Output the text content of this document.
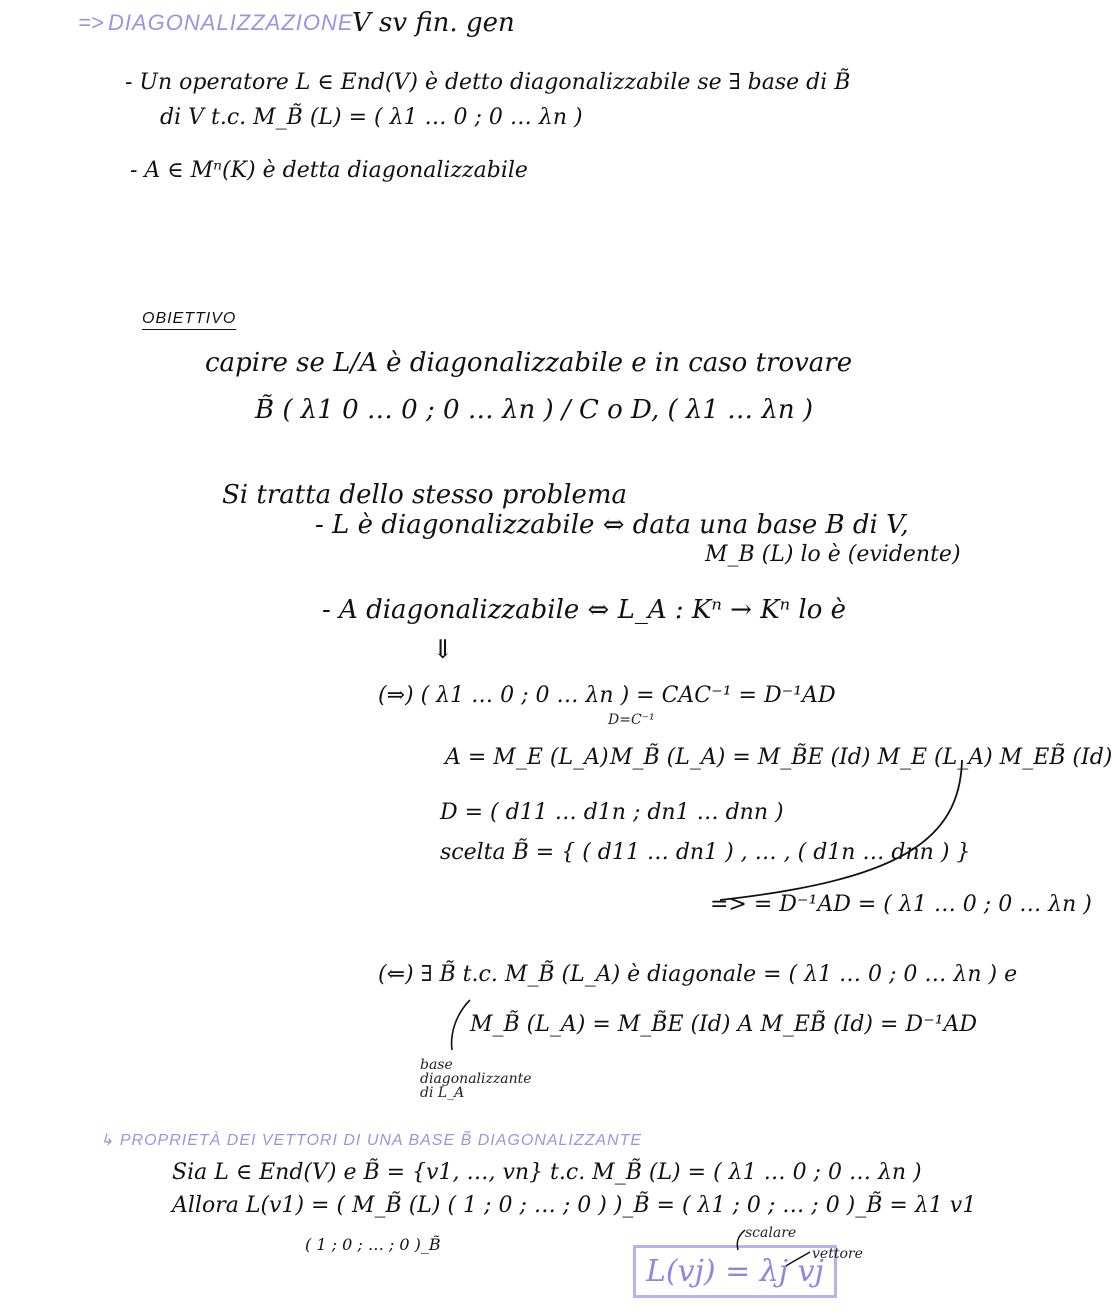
=> DIAGONALIZZAZIONE
V sv fin. gen
- Un operatore L ∈ End(V) è detto diagonalizzabile se ∃ base di B̃
di V t.c. M_B̃ (L) = ( λ1 … 0 ; 0 … λn )
- A ∈ Mⁿ(K) è detta diagonalizzabile
OBIETTIVO
capire se L/A è diagonalizzabile e in caso trovare
B̃ ( λ1 0 … 0 ; 0 … λn ) / C o D, ( λ1 … λn )
Si tratta dello stesso problema
- L è diagonalizzabile ⇔ data una base B di V,
M_B (L) lo è (evidente)
- A diagonalizzabile ⇔ L_A : Kⁿ → Kⁿ lo è
⇓
(⇒) ( λ1 … 0 ; 0 … λn ) = CAC⁻¹ = D⁻¹AD
D=C⁻¹
A = M_E (L_A) M_B̃ (L_A) = M_B̃E (Id) M_E (L_A) M_EB̃ (Id)
D = ( d11 … d1n ; dn1 … dnn )
scelta B̃ = { ( d11 … dn1 ) , … , ( d1n … dnn ) }
=> = D⁻¹AD = ( λ1 … 0 ; 0 … λn )
(⇐) ∃ B̃ t.c. M_B̃ (L_A) è diagonale = ( λ1 … 0 ; 0 … λn ) e
M_B̃ (L_A) = M_B̃E (Id) A M_EB̃ (Id) = D⁻¹AD
base diagonalizzante di L_A
↳ PROPRIETÀ DEI VETTORI DI UNA BASE B̃ DIAGONALIZZANTE
Sia L ∈ End(V) e B̃ = {v1, …, vn} t.c. M_B̃ (L) = ( λ1 … 0 ; 0 … λn )
Allora L(v1) = ( M_B̃ (L) ( 1 ; 0 ; … ; 0 ) )_B̃ = ( λ1 ; 0 ; … ; 0 )_B̃ = λ1 v1
( 1 ; 0 ; … ; 0 )_B̃
L(vj) = λj vj
scalare
vettore
